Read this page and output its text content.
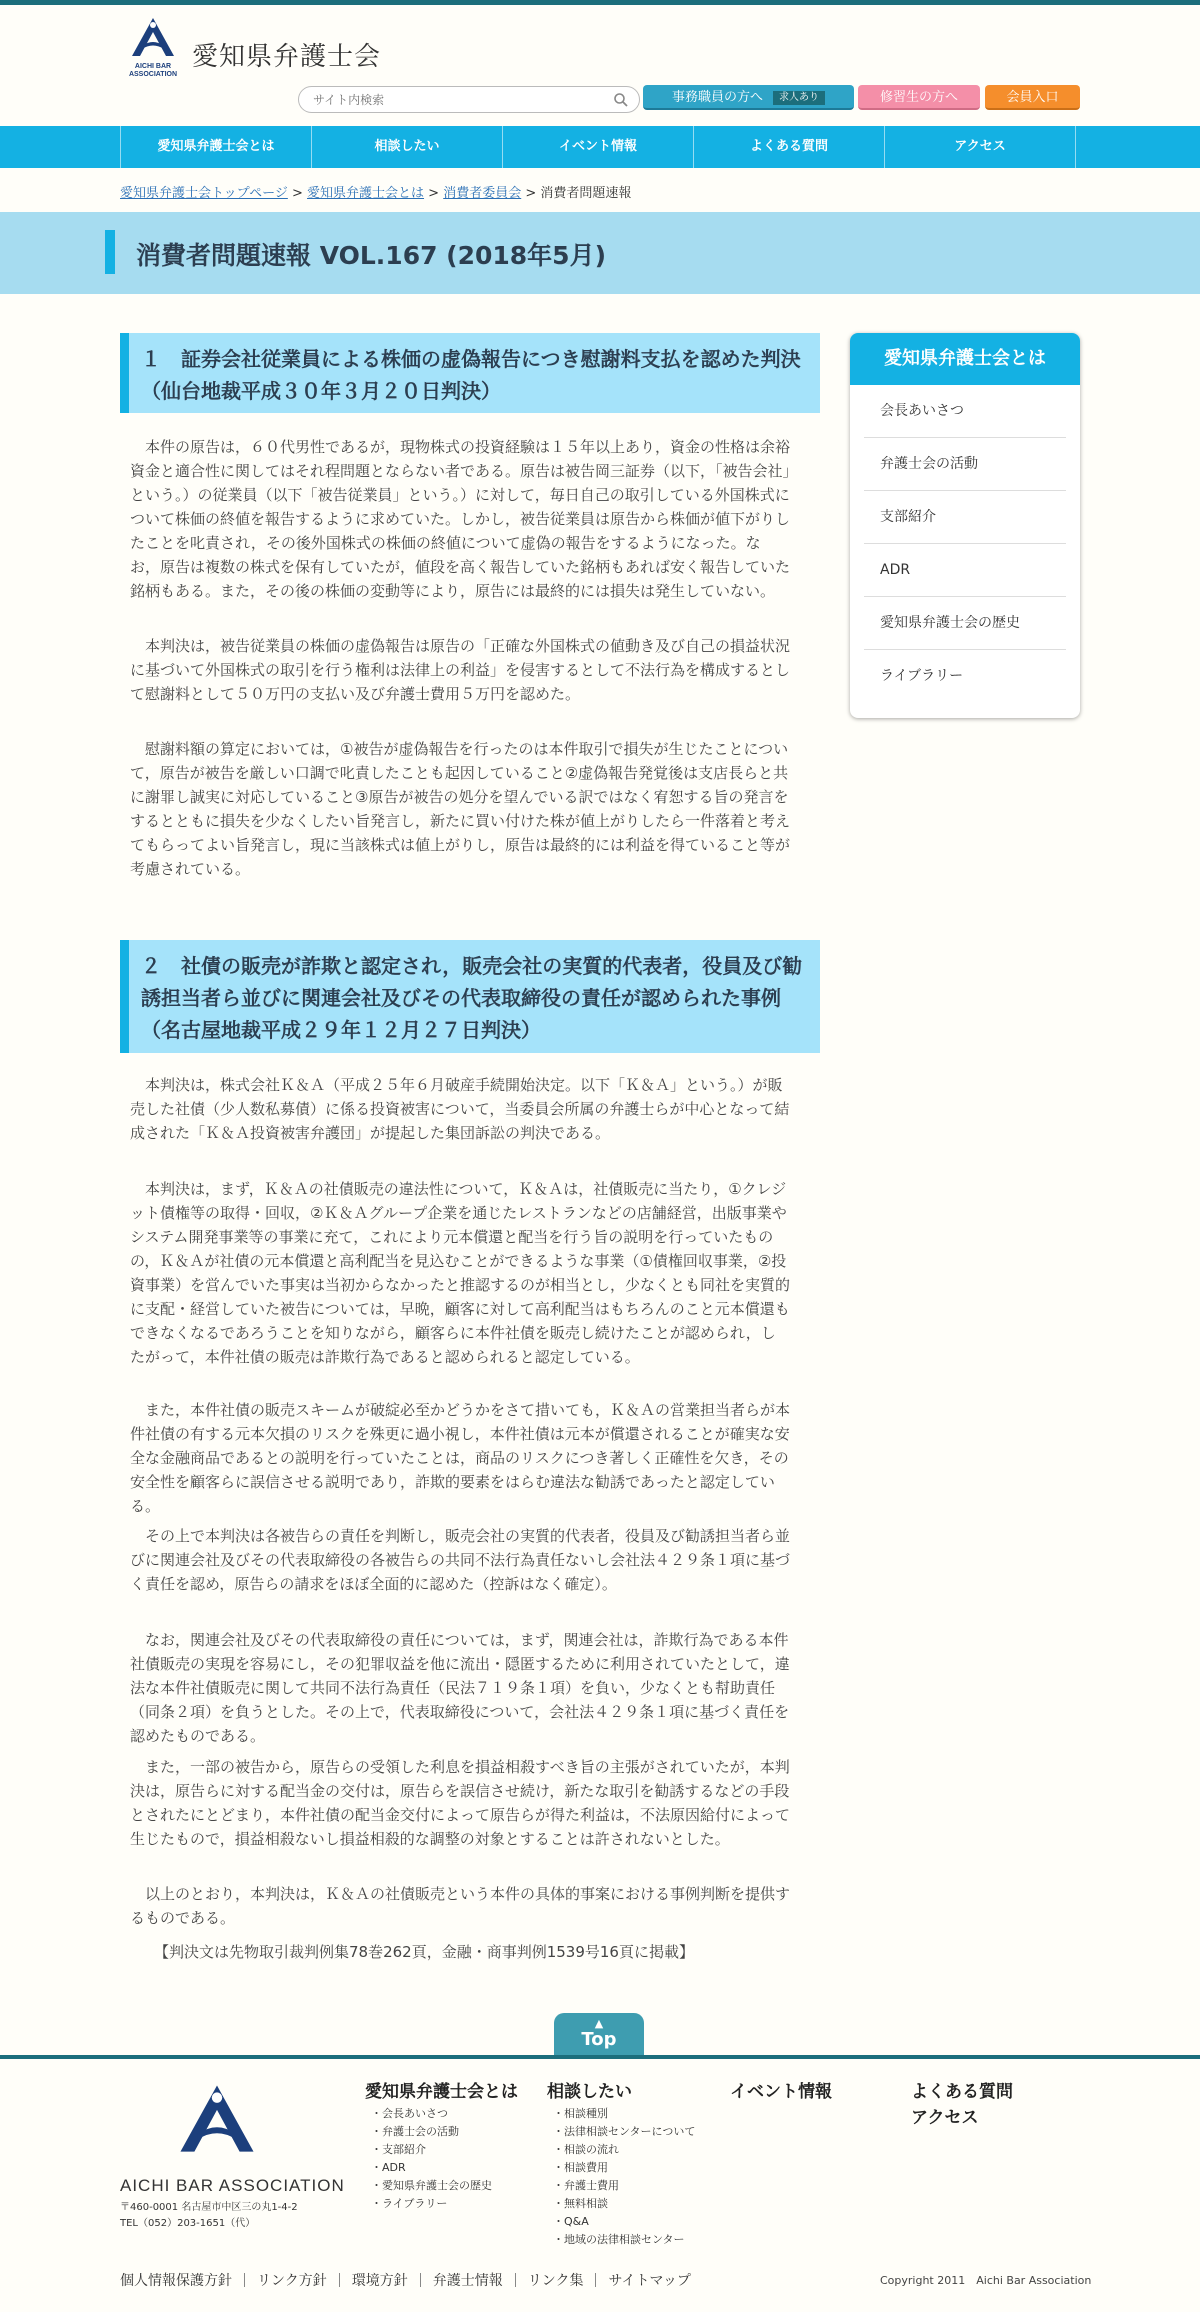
AICHI BAR ASSOCIATION
愛知県弁護士会
サイト内検索
事務職員の方へ 求人あり	修習生の方へ	会員入口
愛知県弁護士会とは	相談したい	イベント情報	よくある質問	アクセス
愛知県弁護士会トップページ > 愛知県弁護士会とは > 消費者委員会 > 消費者問題速報
消費者問題速報 VOL.167 (2018年5月)
１　証券会社従業員による株価の虚偽報告につき慰謝料支払を認めた判決（仙台地裁平成３０年３月２０日判決）

本件の原告は，６０代男性であるが，現物株式の投資経験は１５年以上あり，資金の性格は余裕資金と適合性に関してはそれ程問題とならない者である。原告は被告岡三証券（以下，「被告会社」という。）の従業員（以下「被告従業員」という。）に対して，毎日自己の取引している外国株式について株価の終値を報告するように求めていた。しかし，被告従業員は原告から株価が値下がりしたことを叱責され，その後外国株式の株価の終値について虚偽の報告をするようになった。なお，原告は複数の株式を保有していたが，値段を高く報告していた銘柄もあれば安く報告していた銘柄もある。また，その後の株価の変動等により，原告には最終的には損失は発生していない。

本判決は，被告従業員の株価の虚偽報告は原告の「正確な外国株式の値動き及び自己の損益状況に基づいて外国株式の取引を行う権利は法律上の利益」を侵害するとして不法行為を構成するとして慰謝料として５０万円の支払い及び弁護士費用５万円を認めた。

慰謝料額の算定においては，①被告が虚偽報告を行ったのは本件取引で損失が生じたことについて，原告が被告を厳しい口調で叱責したことも起因していること②虚偽報告発覚後は支店長らと共に謝罪し誠実に対応していること③原告が被告の処分を望んでいる訳ではなく宥恕する旨の発言をするとともに損失を少なくしたい旨発言し，新たに買い付けた株が値上がりしたら一件落着と考えてもらってよい旨発言し，現に当該株式は値上がりし，原告は最終的には利益を得ていること等が考慮されている。

２　社債の販売が詐欺と認定され，販売会社の実質的代表者，役員及び勧誘担当者ら並びに関連会社及びその代表取締役の責任が認められた事例（名古屋地裁平成２９年１２月２７日判決）

本判決は，株式会社Ｋ＆Ａ（平成２５年６月破産手続開始決定。以下「Ｋ＆Ａ」という。）が販売した社債（少人数私募債）に係る投資被害について，当委員会所属の弁護士らが中心となって結成された「Ｋ＆Ａ投資被害弁護団」が提起した集団訴訟の判決である。

本判決は，まず，Ｋ＆Ａの社債販売の違法性について，Ｋ＆Ａは，社債販売に当たり，①クレジット債権等の取得・回収，②Ｋ＆Ａグループ企業を通じたレストランなどの店舗経営，出版事業やシステム開発事業等の事業に充て，これにより元本償還と配当を行う旨の説明を行っていたものの，Ｋ＆Ａが社債の元本償還と高利配当を見込むことができるような事業（①債権回収事業，②投資事業）を営んでいた事実は当初からなかったと推認するのが相当とし，少なくとも同社を実質的に支配・経営していた被告については，早晩，顧客に対して高利配当はもちろんのこと元本償還もできなくなるであろうことを知りながら，顧客らに本件社債を販売し続けたことが認められ，したがって，本件社債の販売は詐欺行為であると認められると認定している。

また，本件社債の販売スキームが破綻必至かどうかをさて措いても，Ｋ＆Ａの営業担当者らが本件社債の有する元本欠損のリスクを殊更に過小視し，本件社債は元本が償還されることが確実な安全な金融商品であるとの説明を行っていたことは，商品のリスクにつき著しく正確性を欠き，その安全性を顧客らに誤信させる説明であり，詐欺的要素をはらむ違法な勧誘であったと認定している。

その上で本判決は各被告らの責任を判断し，販売会社の実質的代表者，役員及び勧誘担当者ら並びに関連会社及びその代表取締役の各被告らの共同不法行為責任ないし会社法４２９条１項に基づく責任を認め，原告らの請求をほぼ全面的に認めた（控訴はなく確定）。

なお，関連会社及びその代表取締役の責任については，まず，関連会社は，詐欺行為である本件社債販売の実現を容易にし，その犯罪収益を他に流出・隠匿するために利用されていたとして，違法な本件社債販売に関して共同不法行為責任（民法７１９条１項）を負い，少なくとも幇助責任（同条２項）を負うとした。その上で，代表取締役について，会社法４２９条１項に基づく責任を認めたものである。

また，一部の被告から，原告らの受領した利息を損益相殺すべき旨の主張がされていたが，本判決は，原告らに対する配当金の交付は，原告らを誤信させ続け，新たな取引を勧誘するなどの手段とされたにとどまり，本件社債の配当金交付によって原告らが得た利益は，不法原因給付によって生じたもので，損益相殺ないし損益相殺的な調整の対象とすることは許されないとした。

以上のとおり，本判決は，Ｋ＆Ａの社債販売という本件の具体的事案における事例判断を提供するものである。

【判決文は先物取引裁判例集78巻262頁，金融・商事判例1539号16頁に掲載】

愛知県弁護士会とは
会長あいさつ
弁護士会の活動
支部紹介
ADR
愛知県弁護士会の歴史
ライブラリー
▲
Top
AICHI BAR ASSOCIATION
〒460-0001 名古屋市中区三の丸1-4-2
TEL（052）203-1651（代）
愛知県弁護士会とは
・ 会長あいさつ
・ 弁護士会の活動
・ 支部紹介
・ ADR
・ 愛知県弁護士会の歴史
・ ライブラリー
相談したい
・ 相談種別
・ 法律相談センターについて
・ 相談の流れ
・ 相談費用
・ 弁護士費用
・ 無料相談
・ Q&A
・ 地域の法律相談センター
イベント情報	よくある質問
アクセス
個人情報保護方針 リンク方針 環境方針 弁護士情報 リンク集 サイトマップ	Copyright 2011　Aichi Bar Association
